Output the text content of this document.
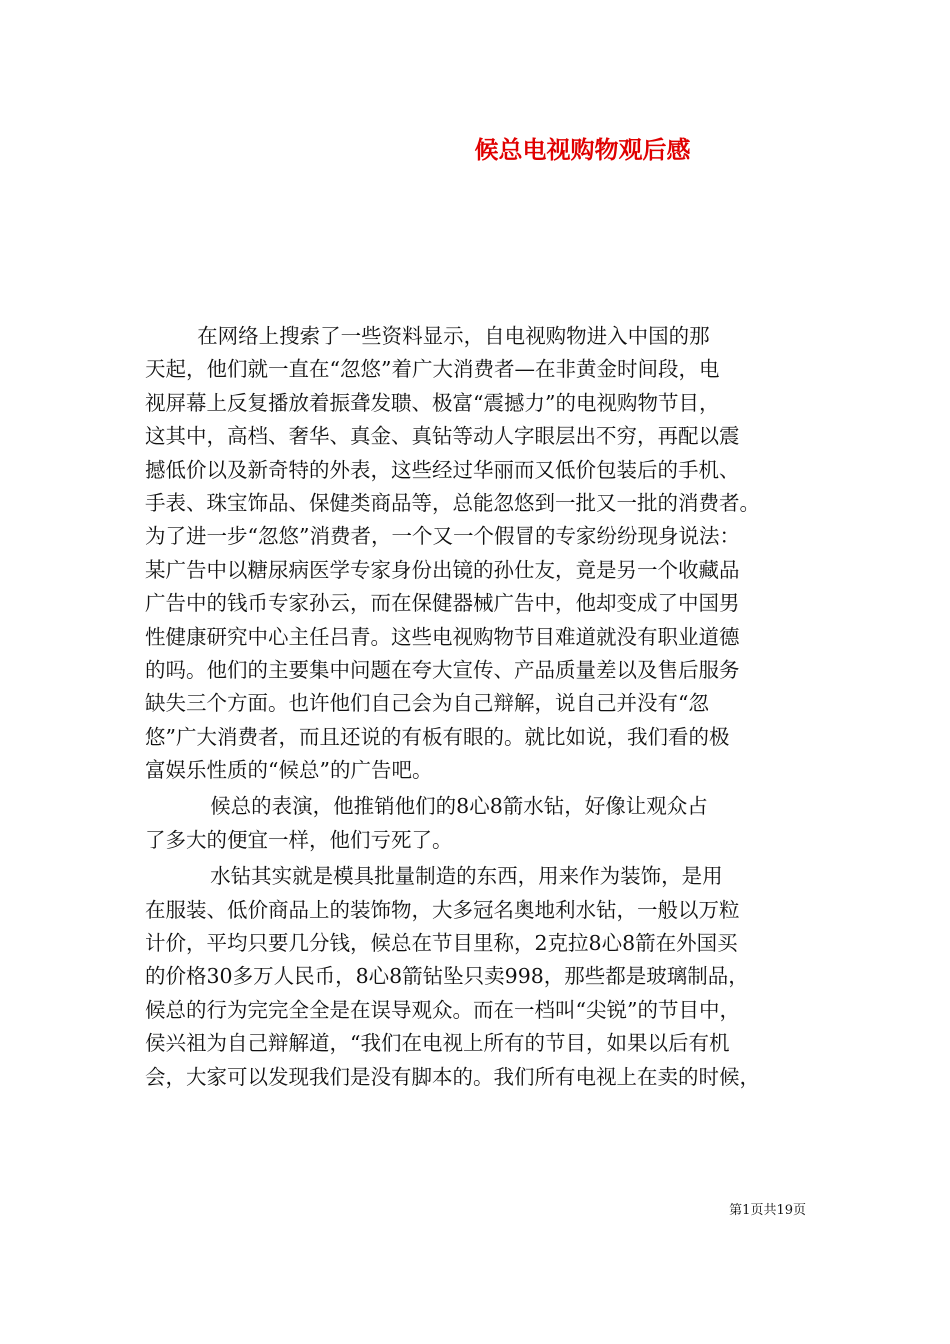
候总电视购物观后感
在网络上搜索了一些资料显示，自电视购物进入中国的那
天起，他们就一直在“忽悠”着广大消费者—在非黄金时间段，电
视屏幕上反复播放着振聋发聩、极富“震撼力”的电视购物节目，
这其中，高档、奢华、真金、真钻等动人字眼层出不穷，再配以震
撼低价以及新奇特的外表，这些经过华丽而又低价包装后的手机、
手表、珠宝饰品、保健类商品等，总能忽悠到一批又一批的消费者。
为了进一步“忽悠”消费者，一个又一个假冒的专家纷纷现身说法：
某广告中以糖尿病医学专家身份出镜的孙仕友，竟是另一个收藏品
广告中的钱币专家孙云，而在保健器械广告中，他却变成了中国男
性健康研究中心主任吕青。这些电视购物节目难道就没有职业道德
的吗。他们的主要集中问题在夸大宣传、产品质量差以及售后服务
缺失三个方面。也许他们自己会为自己辩解，说自己并没有“忽
悠”广大消费者，而且还说的有板有眼的。就比如说，我们看的极
富娱乐性质的“候总”的广告吧。
候总的表演，他推销他们的8心8箭水钻，好像让观众占
了多大的便宜一样，他们亏死了。
水钻其实就是模具批量制造的东西，用来作为装饰，是用
在服装、低价商品上的装饰物，大多冠名奥地利水钻，一般以万粒
计价，平均只要几分钱，候总在节目里称，2克拉8心8箭在外国买
的价格30多万人民币，8心8箭钻坠只卖998，那些都是玻璃制品，
候总的行为完完全全是在误导观众。而在一档叫“尖锐”的节目中，
侯兴祖为自己辩解道，“我们在电视上所有的节目，如果以后有机
会，大家可以发现我们是没有脚本的。我们所有电视上在卖的时候，
第1页共19页
